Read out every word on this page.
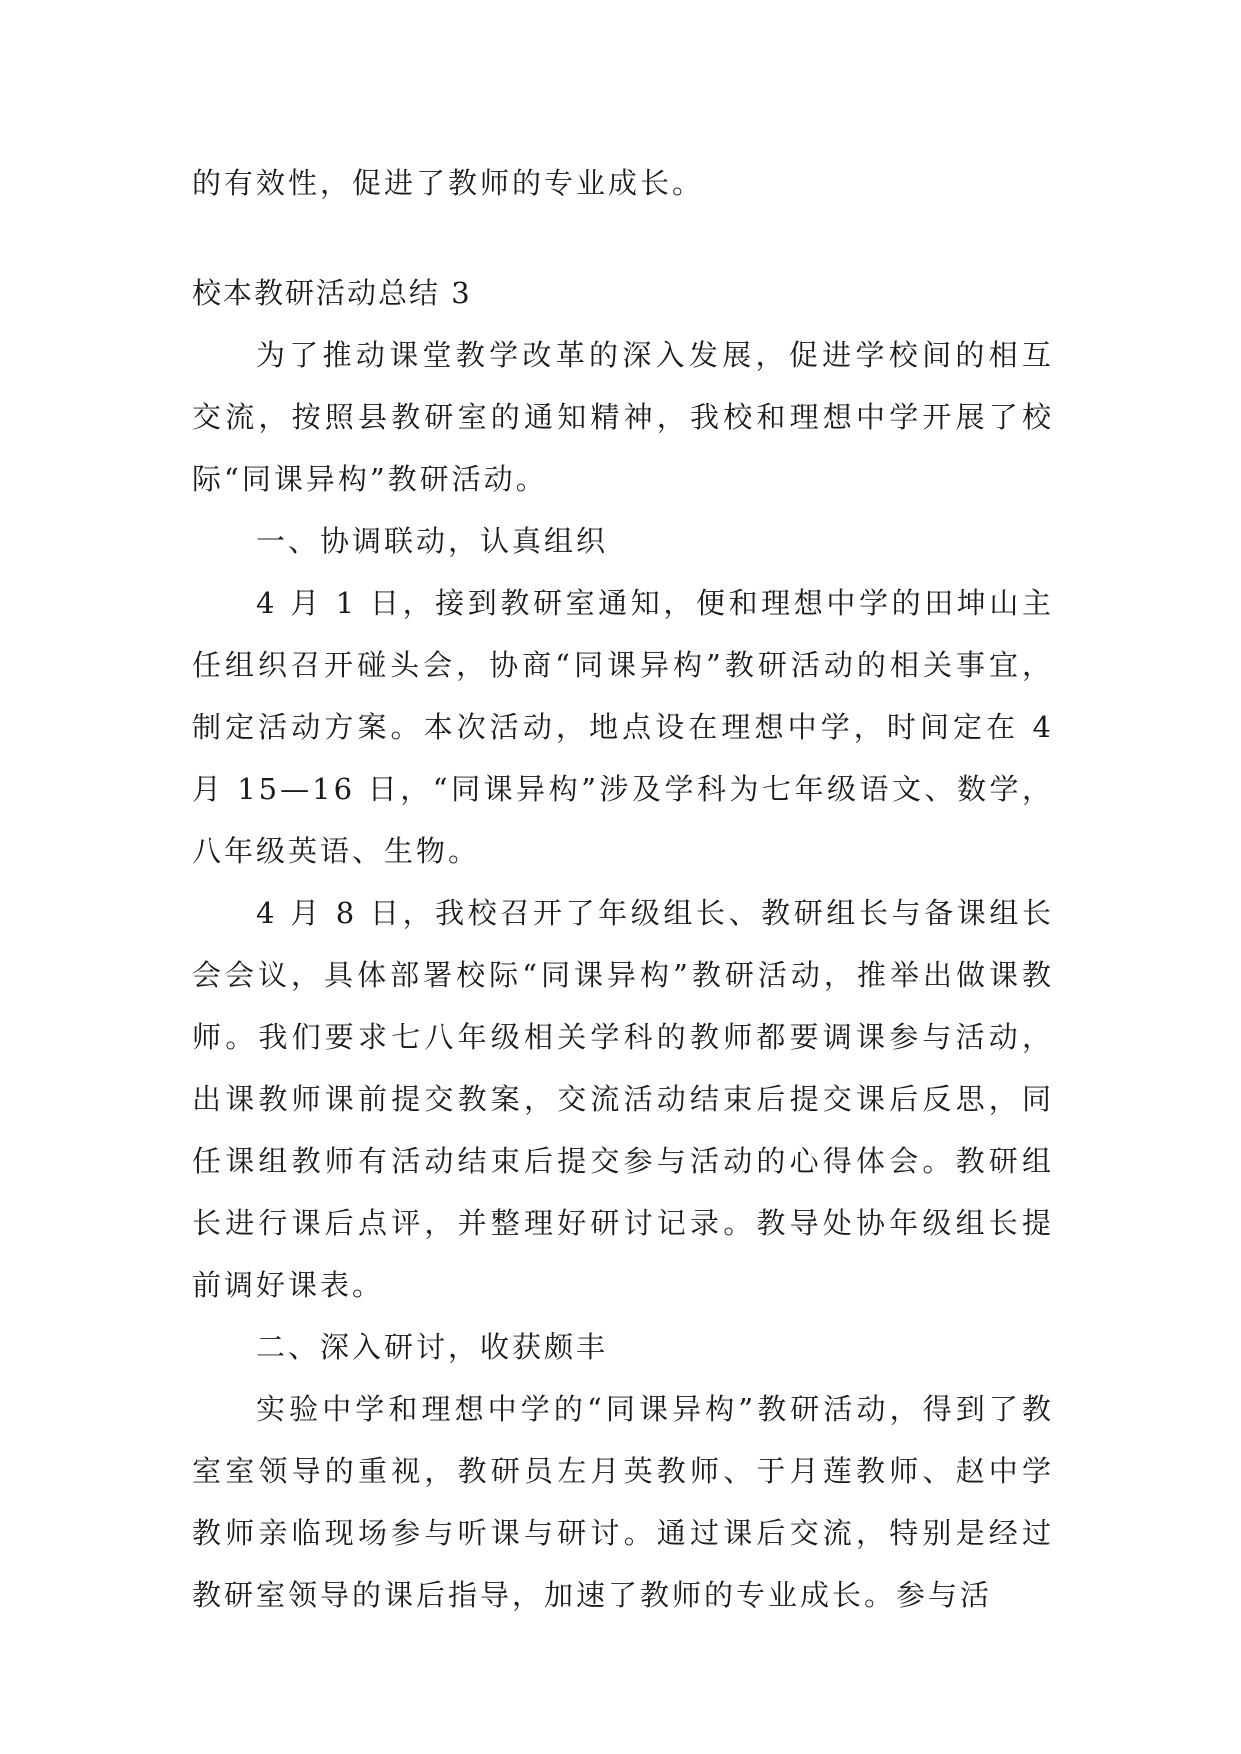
的有效性，促进了教师的专业成长。

校本教研活动总结 3

为了推动课堂教学改革的深入发展，促进学校间的相互交流，按照县教研室的通知精神，我校和理想中学开展了校际“同课异构”教研活动。

一、协调联动，认真组织

4 月 1 日，接到教研室通知，便和理想中学的田坤山主任组织召开碰头会，协商“同课异构”教研活动的相关事宜，制定活动方案。本次活动，地点设在理想中学，时间定在 4 月 15—16 日，“同课异构”涉及学科为七年级语文、数学，八年级英语、生物。

4 月 8 日，我校召开了年级组长、教研组长与备课组长会会议，具体部署校际“同课异构”教研活动，推举出做课教师。我们要求七八年级相关学科的教师都要调课参与活动，出课教师课前提交教案，交流活动结束后提交课后反思，同任课组教师有活动结束后提交参与活动的心得体会。教研组长进行课后点评，并整理好研讨记录。教导处协年级组长提前调好课表。

二、深入研讨，收获颇丰

实验中学和理想中学的“同课异构”教研活动，得到了教室室领导的重视，教研员左月英教师、于月莲教师、赵中学教师亲临现场参与听课与研讨。通过课后交流，特别是经过教研室领导的课后指导，加速了教师的专业成长。参与活
